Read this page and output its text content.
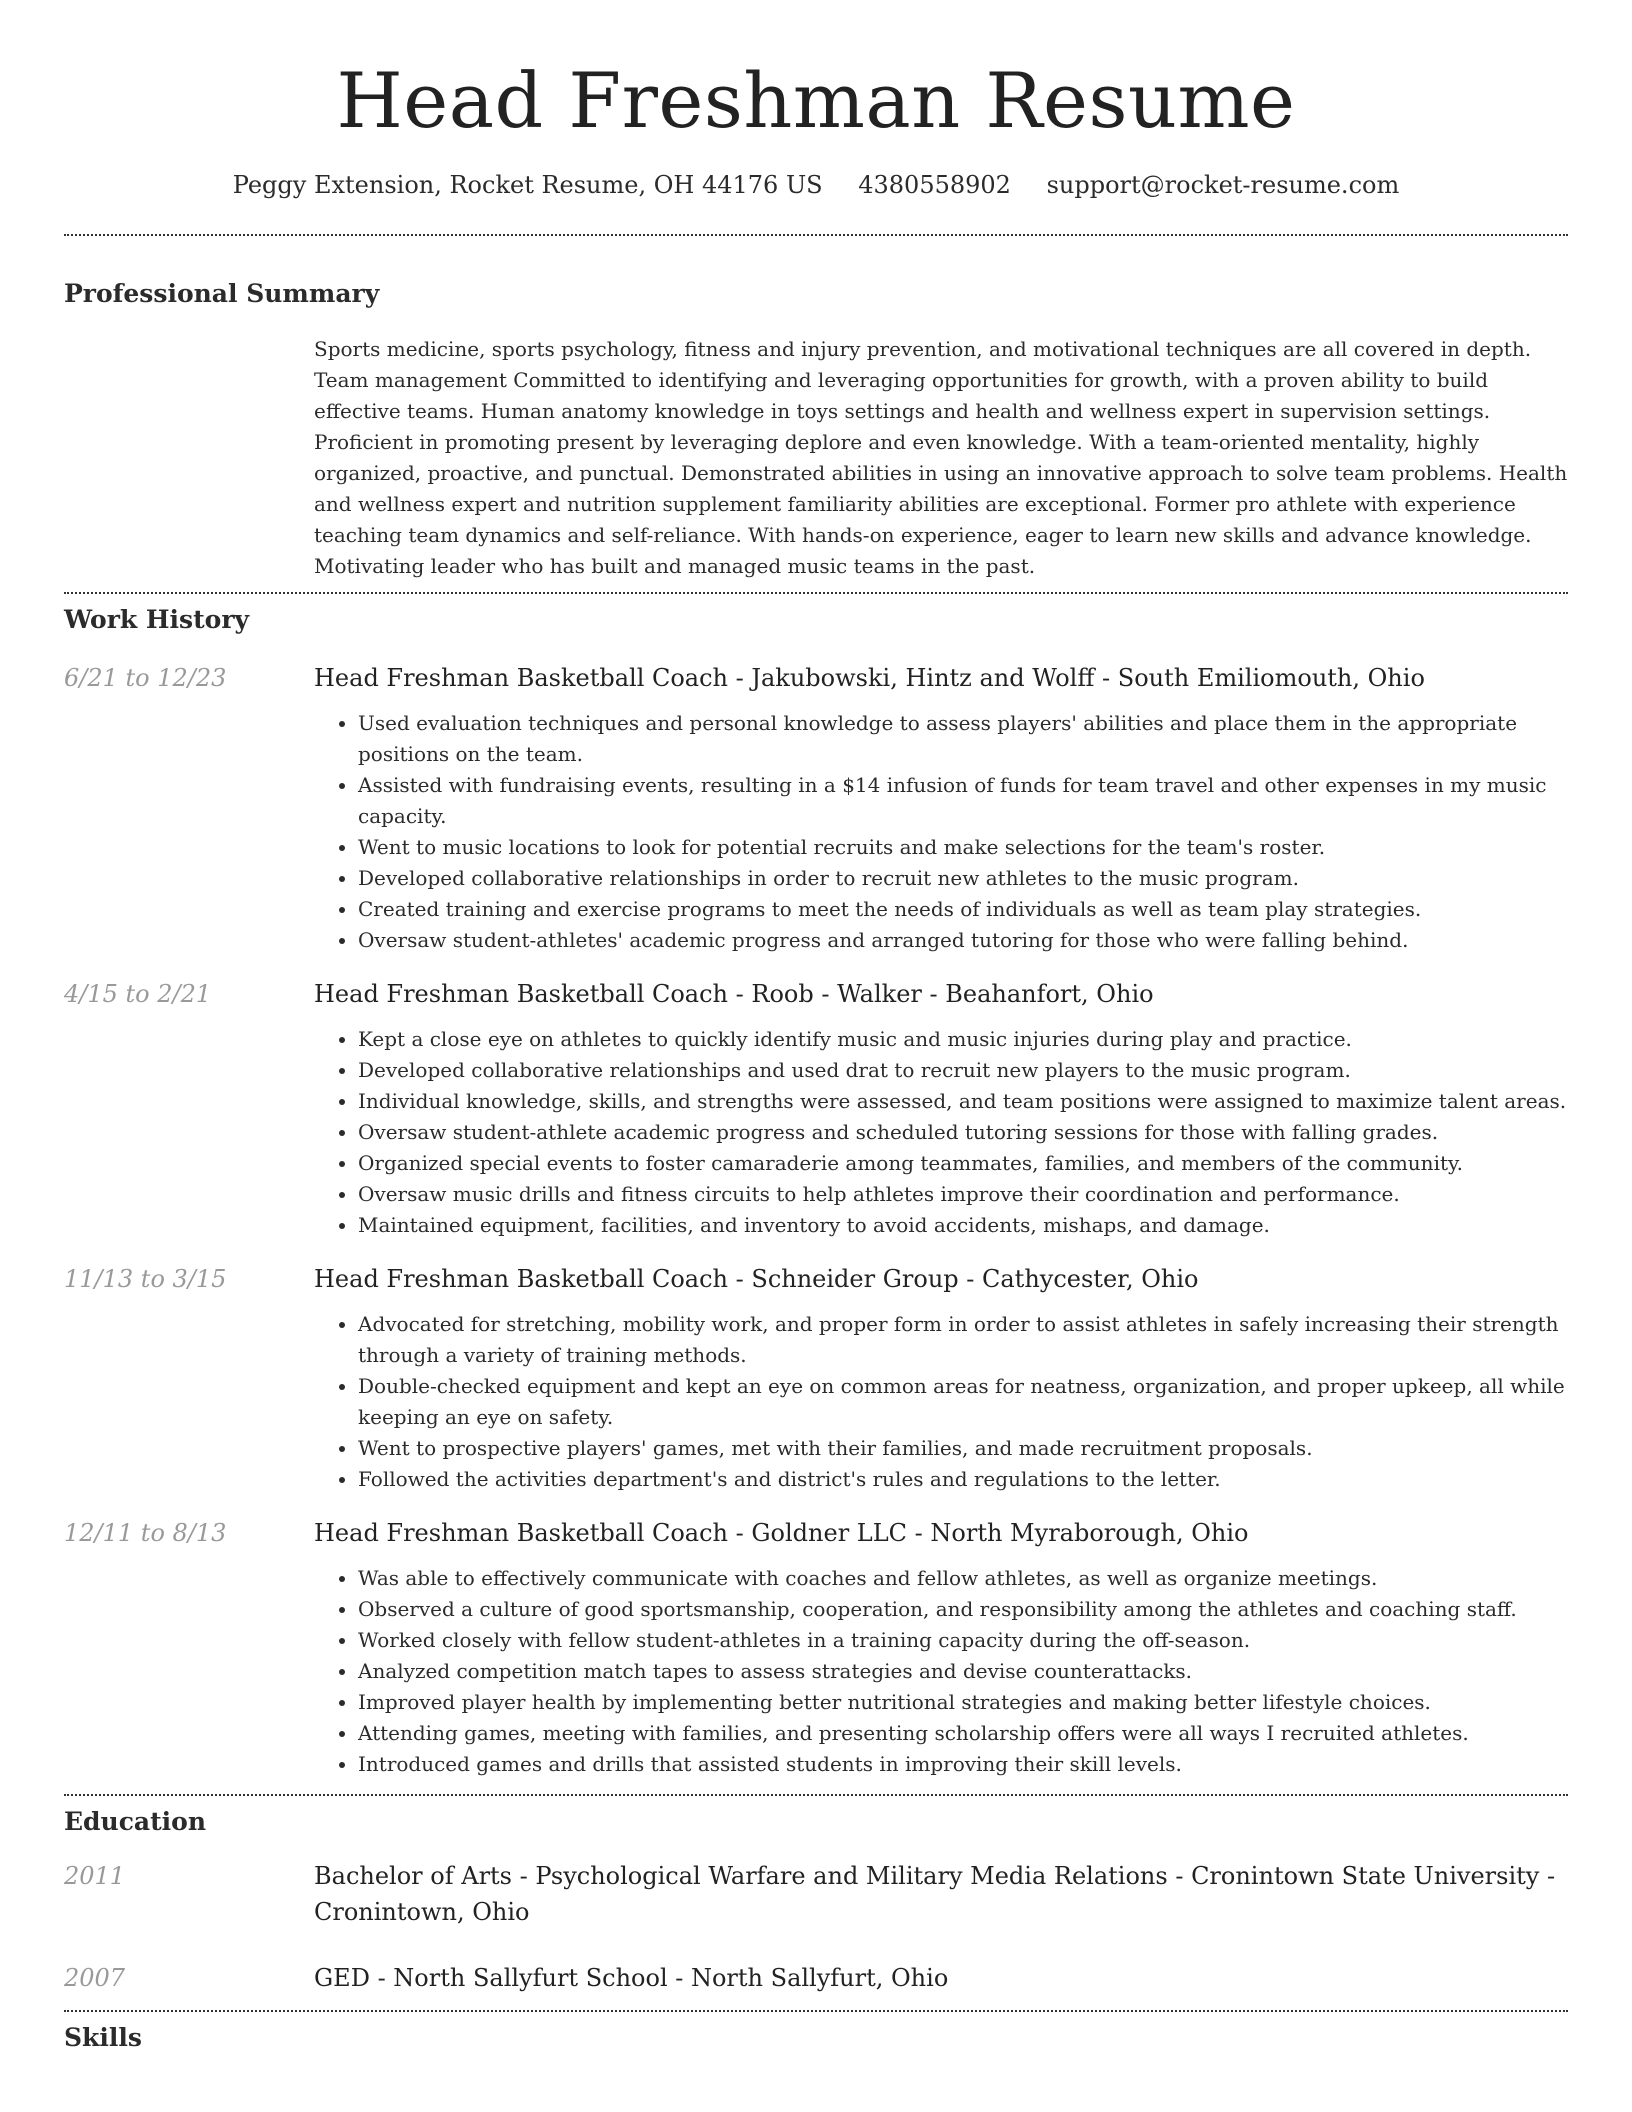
Head Freshman Resume
Peggy Extension, Rocket Resume, OH 44176 US 4380558902 support@rocket-resume.com
Professional Summary

Sports medicine, sports psychology, fitness and injury prevention, and motivational techniques are all covered in depth. Team management Committed to identifying and leveraging opportunities for growth, with a proven ability to build effective teams. Human anatomy knowledge in toys settings and health and wellness expert in supervision settings. Proficient in promoting present by leveraging deplore and even knowledge. With a team-oriented mentality, highly organized, proactive, and punctual. Demonstrated abilities in using an innovative approach to solve team problems. Health and wellness expert and nutrition supplement familiarity abilities are exceptional. Former pro athlete with experience teaching team dynamics and self-reliance. With hands-on experience, eager to learn new skills and advance knowledge. Motivating leader who has built and managed music teams in the past.

Work History
6/21 to 12/23	Head Freshman Basketball Coach - Jakubowski, Hintz and Wolff - South Emiliomouth, Ohio
• Used evaluation techniques and personal knowledge to assess players' abilities and place them in the appropriate positions on the team.
• Assisted with fundraising events, resulting in a $14 infusion of funds for team travel and other expenses in my music capacity.
• Went to music locations to look for potential recruits and make selections for the team's roster.
• Developed collaborative relationships in order to recruit new athletes to the music program.
• Created training and exercise programs to meet the needs of individuals as well as team play strategies.
• Oversaw student-athletes' academic progress and arranged tutoring for those who were falling behind.
4/15 to 2/21	Head Freshman Basketball Coach - Roob - Walker - Beahanfort, Ohio
• Kept a close eye on athletes to quickly identify music and music injuries during play and practice.
• Developed collaborative relationships and used drat to recruit new players to the music program.
• Individual knowledge, skills, and strengths were assessed, and team positions were assigned to maximize talent areas.
• Oversaw student-athlete academic progress and scheduled tutoring sessions for those with falling grades.
• Organized special events to foster camaraderie among teammates, families, and members of the community.
• Oversaw music drills and fitness circuits to help athletes improve their coordination and performance.
• Maintained equipment, facilities, and inventory to avoid accidents, mishaps, and damage.
11/13 to 3/15	Head Freshman Basketball Coach - Schneider Group - Cathycester, Ohio
• Advocated for stretching, mobility work, and proper form in order to assist athletes in safely increasing their strength through a variety of training methods.
• Double-checked equipment and kept an eye on common areas for neatness, organization, and proper upkeep, all while keeping an eye on safety.
• Went to prospective players' games, met with their families, and made recruitment proposals.
• Followed the activities department's and district's rules and regulations to the letter.
12/11 to 8/13	Head Freshman Basketball Coach - Goldner LLC - North Myraborough, Ohio
• Was able to effectively communicate with coaches and fellow athletes, as well as organize meetings.
• Observed a culture of good sportsmanship, cooperation, and responsibility among the athletes and coaching staff.
• Worked closely with fellow student-athletes in a training capacity during the off-season.
• Analyzed competition match tapes to assess strategies and devise counterattacks.
• Improved player health by implementing better nutritional strategies and making better lifestyle choices.
• Attending games, meeting with families, and presenting scholarship offers were all ways I recruited athletes.
• Introduced games and drills that assisted students in improving their skill levels.
Education
2011	Bachelor of Arts - Psychological Warfare and Military Media Relations - Cronintown State University - Cronintown, Ohio
2007	GED - North Sallyfurt School - North Sallyfurt, Ohio
Skills
